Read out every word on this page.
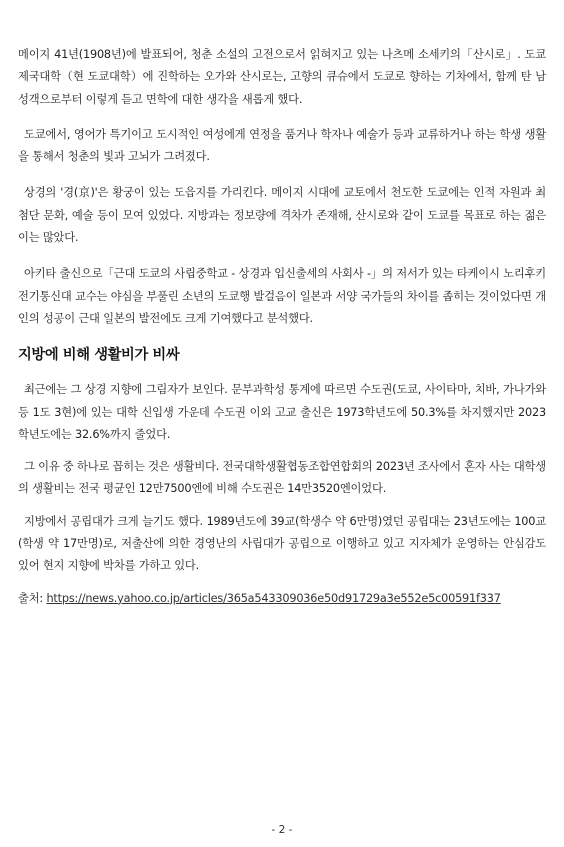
메이지 41년(1908년)에 발표되어, 청춘 소설의 고전으로서 읽혀지고 있는 나츠메 소세키의「산시로」. 도쿄제국대학（현 도쿄대학）에 진학하는 오가와 산시로는, 고향의 큐슈에서 도쿄로 향하는 기차에서, 함께 탄 남성객으로부터 이렇게 듣고 면학에 대한 생각을 새롭게 했다.

도쿄에서, 영어가 특기이고 도시적인 여성에게 연정을 품거나 학자나 예술가 등과 교류하거나 하는 학생 생활을 통해서 청춘의 빛과 고뇌가 그려졌다.

상경의 '경(京)'은 황궁이 있는 도읍지를 가리킨다. 메이지 시대에 교토에서 천도한 도쿄에는 인적 자원과 최첨단 문화, 예술 등이 모여 있었다. 지방과는 정보량에 격차가 존재해, 산시로와 같이 도쿄를 목표로 하는 젊은이는 많았다.

아키타 출신으로「근대 도쿄의 사립중학교 - 상경과 입신출세의 사회사 -」의 저서가 있는 타케이시 노리후키 전기통신대 교수는 야심을 부풀린 소년의 도쿄행 발걸음이 일본과 서양 국가들의 차이를 좁히는 것이었다면 개인의 성공이 근대 일본의 발전에도 크게 기여했다고 분석했다.

지방에 비해 생활비가 비싸

최근에는 그 상경 지향에 그림자가 보인다. 문부과학성 통계에 따르면 수도권(도쿄, 사이타마, 치바, 가나가와 등 1도 3현)에 있는 대학 신입생 가운데 수도권 이외 고교 출신은 1973학년도에 50.3%를 차지했지만 2023학년도에는 32.6%까지 줄었다.

그 이유 중 하나로 꼽히는 것은 생활비다. 전국대학생활협동조합연합회의 2023년 조사에서 혼자 사는 대학생의 생활비는 전국 평균인 12만7500엔에 비해 수도권은 14만3520엔이었다.

지방에서 공립대가 크게 늘기도 했다. 1989년도에 39교(학생수 약 6만명)였던 공립대는 23년도에는 100교(학생 약 17만명)로, 저출산에 의한 경영난의 사립대가 공립으로 이행하고 있고 지자체가 운영하는 안심감도 있어 현지 지향에 박차를 가하고 있다.

출처: https://news.yahoo.co.jp/articles/365a543309036e50d91729a3e552e5c00591f337

- 2 -
